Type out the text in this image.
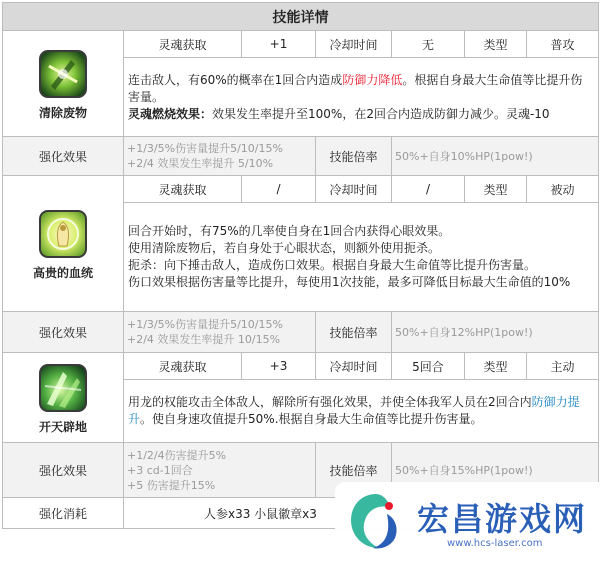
技能详情						

清除废物	灵魂获取	+1	冷却时间	无	类型	普攻
	连击敌人，有60%的概率在1回合内造成防御力降低。根据自身最大生命值等比提升伤害量。
灵魂燃烧效果：效果发生率提升至100%，在2回合内造成防御力减少。灵魂-10					
强化效果	+1/3/5%伤害量提升5/10/15%
+2/4 效果发生率提升 5/10%		技能倍率	50%+自身10%HP(1pow!)		

高贵的血统	灵魂获取	/	冷却时间	/	类型	被动

	回合开始时，有75%的几率使自身在1回合内获得心眼效果。
使用清除废物后，若自身处于心眼状态，则额外使用扼杀。
扼杀：向下捶击敌人，造成伤口效果。根据自身最大生命值等比提升伤害量。
伤口效果根据伤害量等比提升，每使用1次技能，最多可降低目标最大生命值的10%					

强化效果	+1/3/5%伤害量提升5/10/15%
+2/4 效果发生率提升 10/15%		技能倍率	50%+自身12%HP(1pow!)		

开天辟地	灵魂获取	+3	冷却时间	5回合	类型	主动
	用龙的权能攻击全体敌人，解除所有强化效果，并使全体我军人员在2回合内防御力提升。使自身速攻值提升50%.根据自身最大生命值等比提升伤害量。					
强化效果	+1/2/4伤害提升5%
+3 cd-1回合
+5 伤害提升15%		技能倍率	50%+自身15%HP(1pow!)		
强化消耗	人参x33 小鼠徽章x3						宏昌游戏网
www.hcs-laser.com
